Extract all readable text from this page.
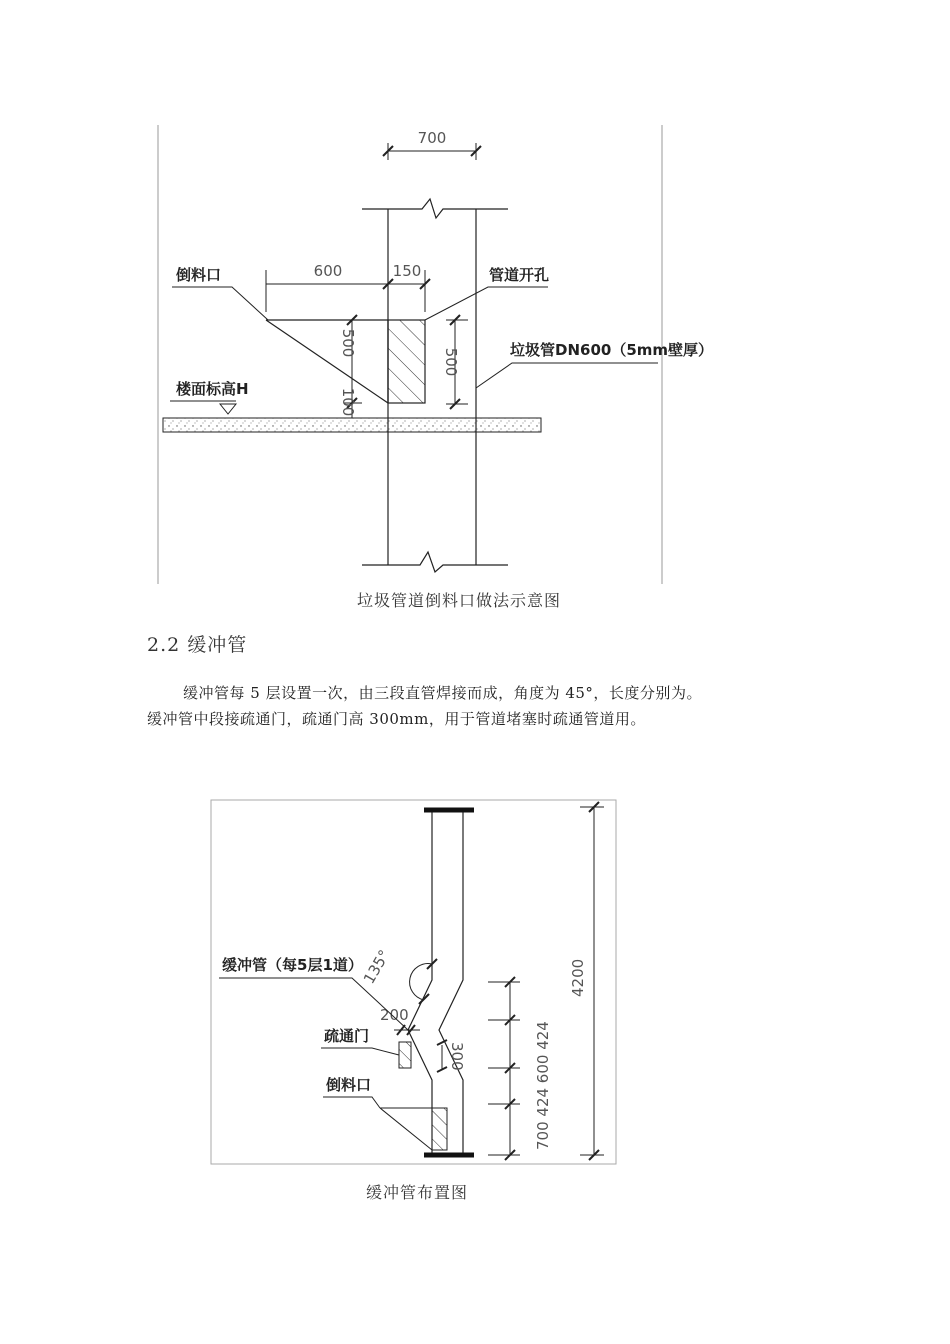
700
600	150
500
100
500
倒料口	管道开孔
垃圾管DN600（5mm壁厚）
楼面标高H
垃圾管道倒料口做法示意图
2.2 缓冲管
缓冲管每 5 层设置一次，由三段直管焊接而成，角度为 45°，长度分别为。
缓冲管中段接疏通门，疏通门高 300mm，用于管道堵塞时疏通管道用。
135°
200
300	700 424 600 424
4200
缓冲管（每5层1道）
疏通门
倒料口
缓冲管布置图
